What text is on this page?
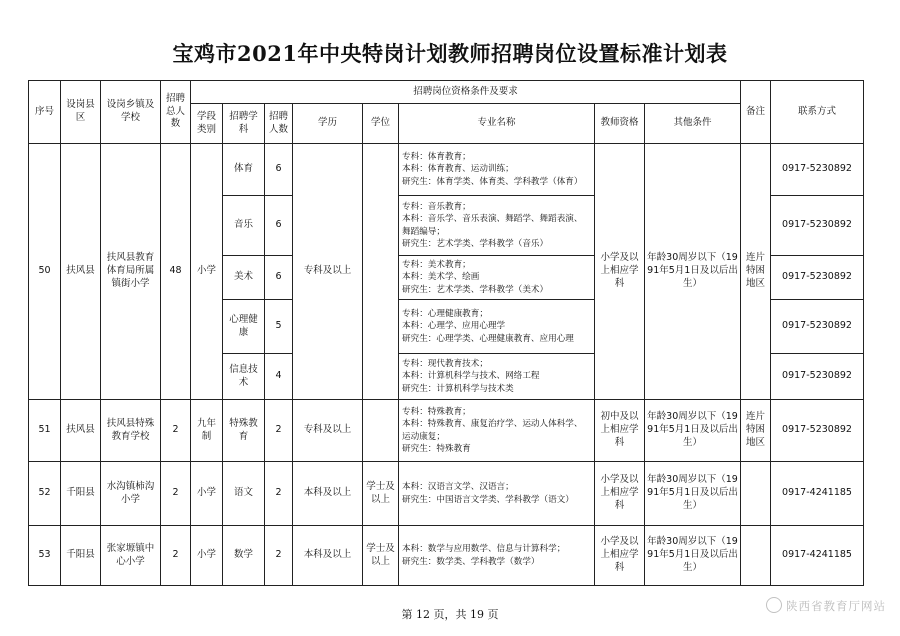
宝鸡市2021年中央特岗计划教师招聘岗位设置标准计划表
序号	设岗县区	设岗乡镇及学校	招聘总人数	招聘岗位资格条件及要求								备注	联系方式
				学段类别	招聘学科	招聘人数	学历	学位	专业名称	教师资格	其他条件		
50	扶风县	扶风县教育体育局所属镇街小学	48	小学	体育	6	专科及以上		专科：体育教育；
本科：体育教育、运动训练；
研究生：体育学类、体育类、学科教学（体育）	小学及以上相应学科	年龄30周岁以下（1991年5月1日及以后出生）	连片特困地区	0917-5230892
					音乐	6			专科：音乐教育；
本科：音乐学、音乐表演、舞蹈学、舞蹈表演、舞蹈编导；
研究生：艺术学类、学科教学（音乐）				0917-5230892
					美术	6			专科：美术教育；
本科：美术学、绘画
研究生：艺术学类、学科教学（美术）				0917-5230892
					心理健康	5			专科：心理健康教育；
本科：心理学、应用心理学
研究生：心理学类、心理健康教育、应用心理				0917-5230892
					信息技术	4			专科：现代教育技术；
本科：计算机科学与技术、网络工程
研究生：计算机科学与技术类				0917-5230892
51	扶风县	扶风县特殊教育学校	2	九年制	特殊教育	2	专科及以上		专科：特殊教育；
本科：特殊教育、康复治疗学、运动人体科学、运动康复；
研究生：特殊教育	初中及以上相应学科	年龄30周岁以下（1991年5月1日及以后出生）	连片特困地区	0917-5230892
52	千阳县	水沟镇柿沟小学	2	小学	语文	2	本科及以上	学士及以上	本科：汉语言文学、汉语言；
研究生：中国语言文学类、学科教学（语文）	小学及以上相应学科	年龄30周岁以下（1991年5月1日及以后出生）		0917-4241185
53	千阳县	张家塬镇中心小学	2	小学	数学	2	本科及以上	学士及以上	本科：数学与应用数学、信息与计算科学；
研究生：数学类、学科教学（数学）	小学及以上相应学科	年龄30周岁以下（1991年5月1日及以后出生）		0917-4241185
第 12 页，共 19 页
陕西省教育厅网站
